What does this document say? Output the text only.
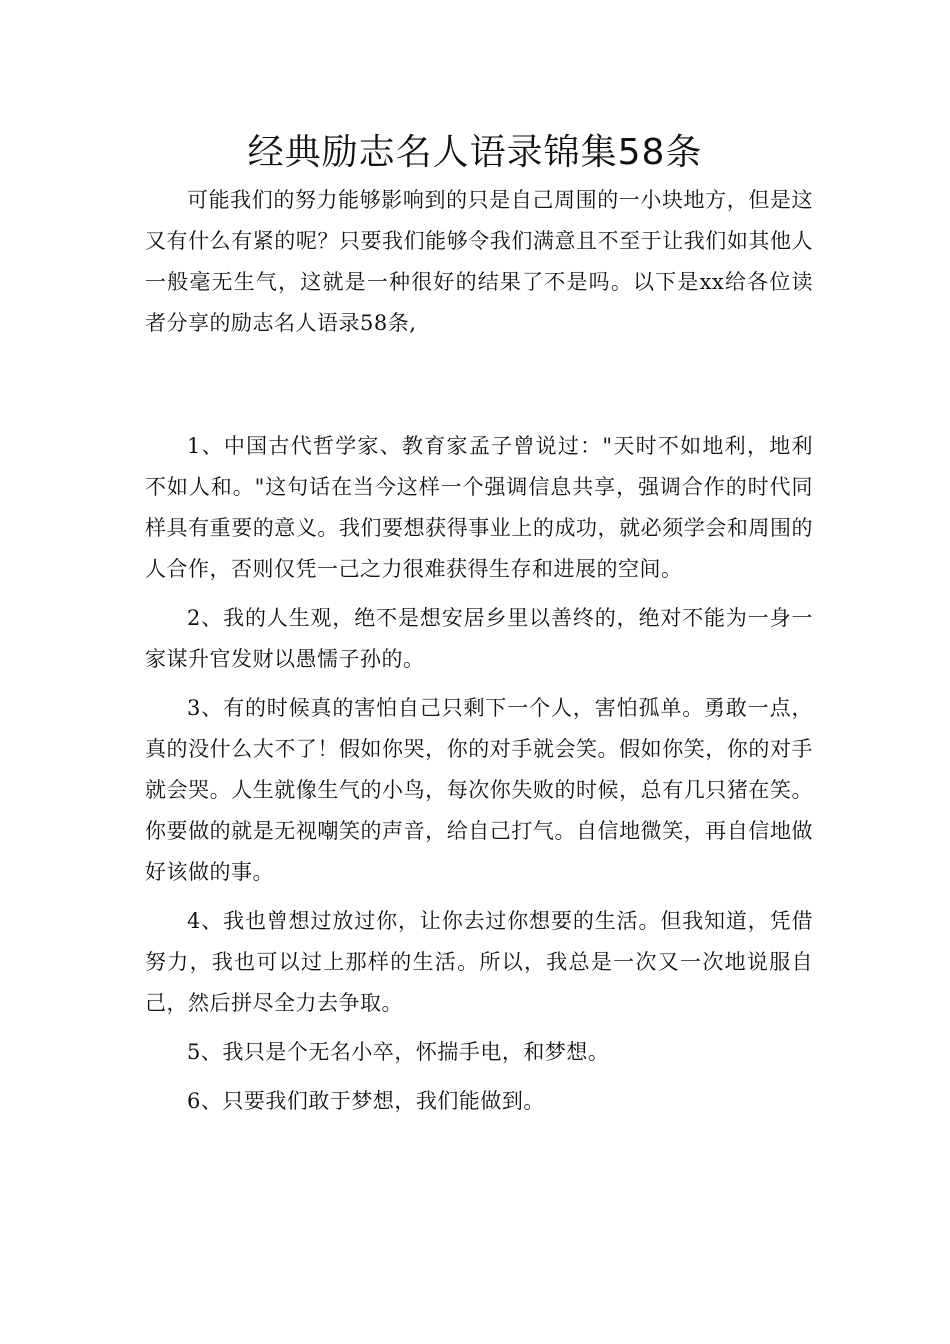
经典励志名人语录锦集58条

可能我们的努力能够影响到的只是自己周围的一小块地方，但是这又有什么有紧的呢？只要我们能够令我们满意且不至于让我们如其他人一般毫无生气，这就是一种很好的结果了不是吗。以下是xx给各位读者分享的励志名人语录58条,

1、中国古代哲学家、教育家孟子曾说过："天时不如地利，地利不如人和。"这句话在当今这样一个强调信息共享，强调合作的时代同样具有重要的意义。我们要想获得事业上的成功，就必须学会和周围的人合作，否则仅凭一己之力很难获得生存和进展的空间。

2、我的人生观，绝不是想安居乡里以善终的，绝对不能为一身一家谋升官发财以愚懦子孙的。

3、有的时候真的害怕自己只剩下一个人，害怕孤单。勇敢一点，真的没什么大不了！假如你哭，你的对手就会笑。假如你笑，你的对手就会哭。人生就像生气的小鸟，每次你失败的时候，总有几只猪在笑。你要做的就是无视嘲笑的声音，给自己打气。自信地微笑，再自信地做好该做的事。

4、我也曾想过放过你，让你去过你想要的生活。但我知道，凭借努力，我也可以过上那样的生活。所以，我总是一次又一次地说服自己，然后拼尽全力去争取。

5、我只是个无名小卒，怀揣手电，和梦想。

6、只要我们敢于梦想，我们能做到。
